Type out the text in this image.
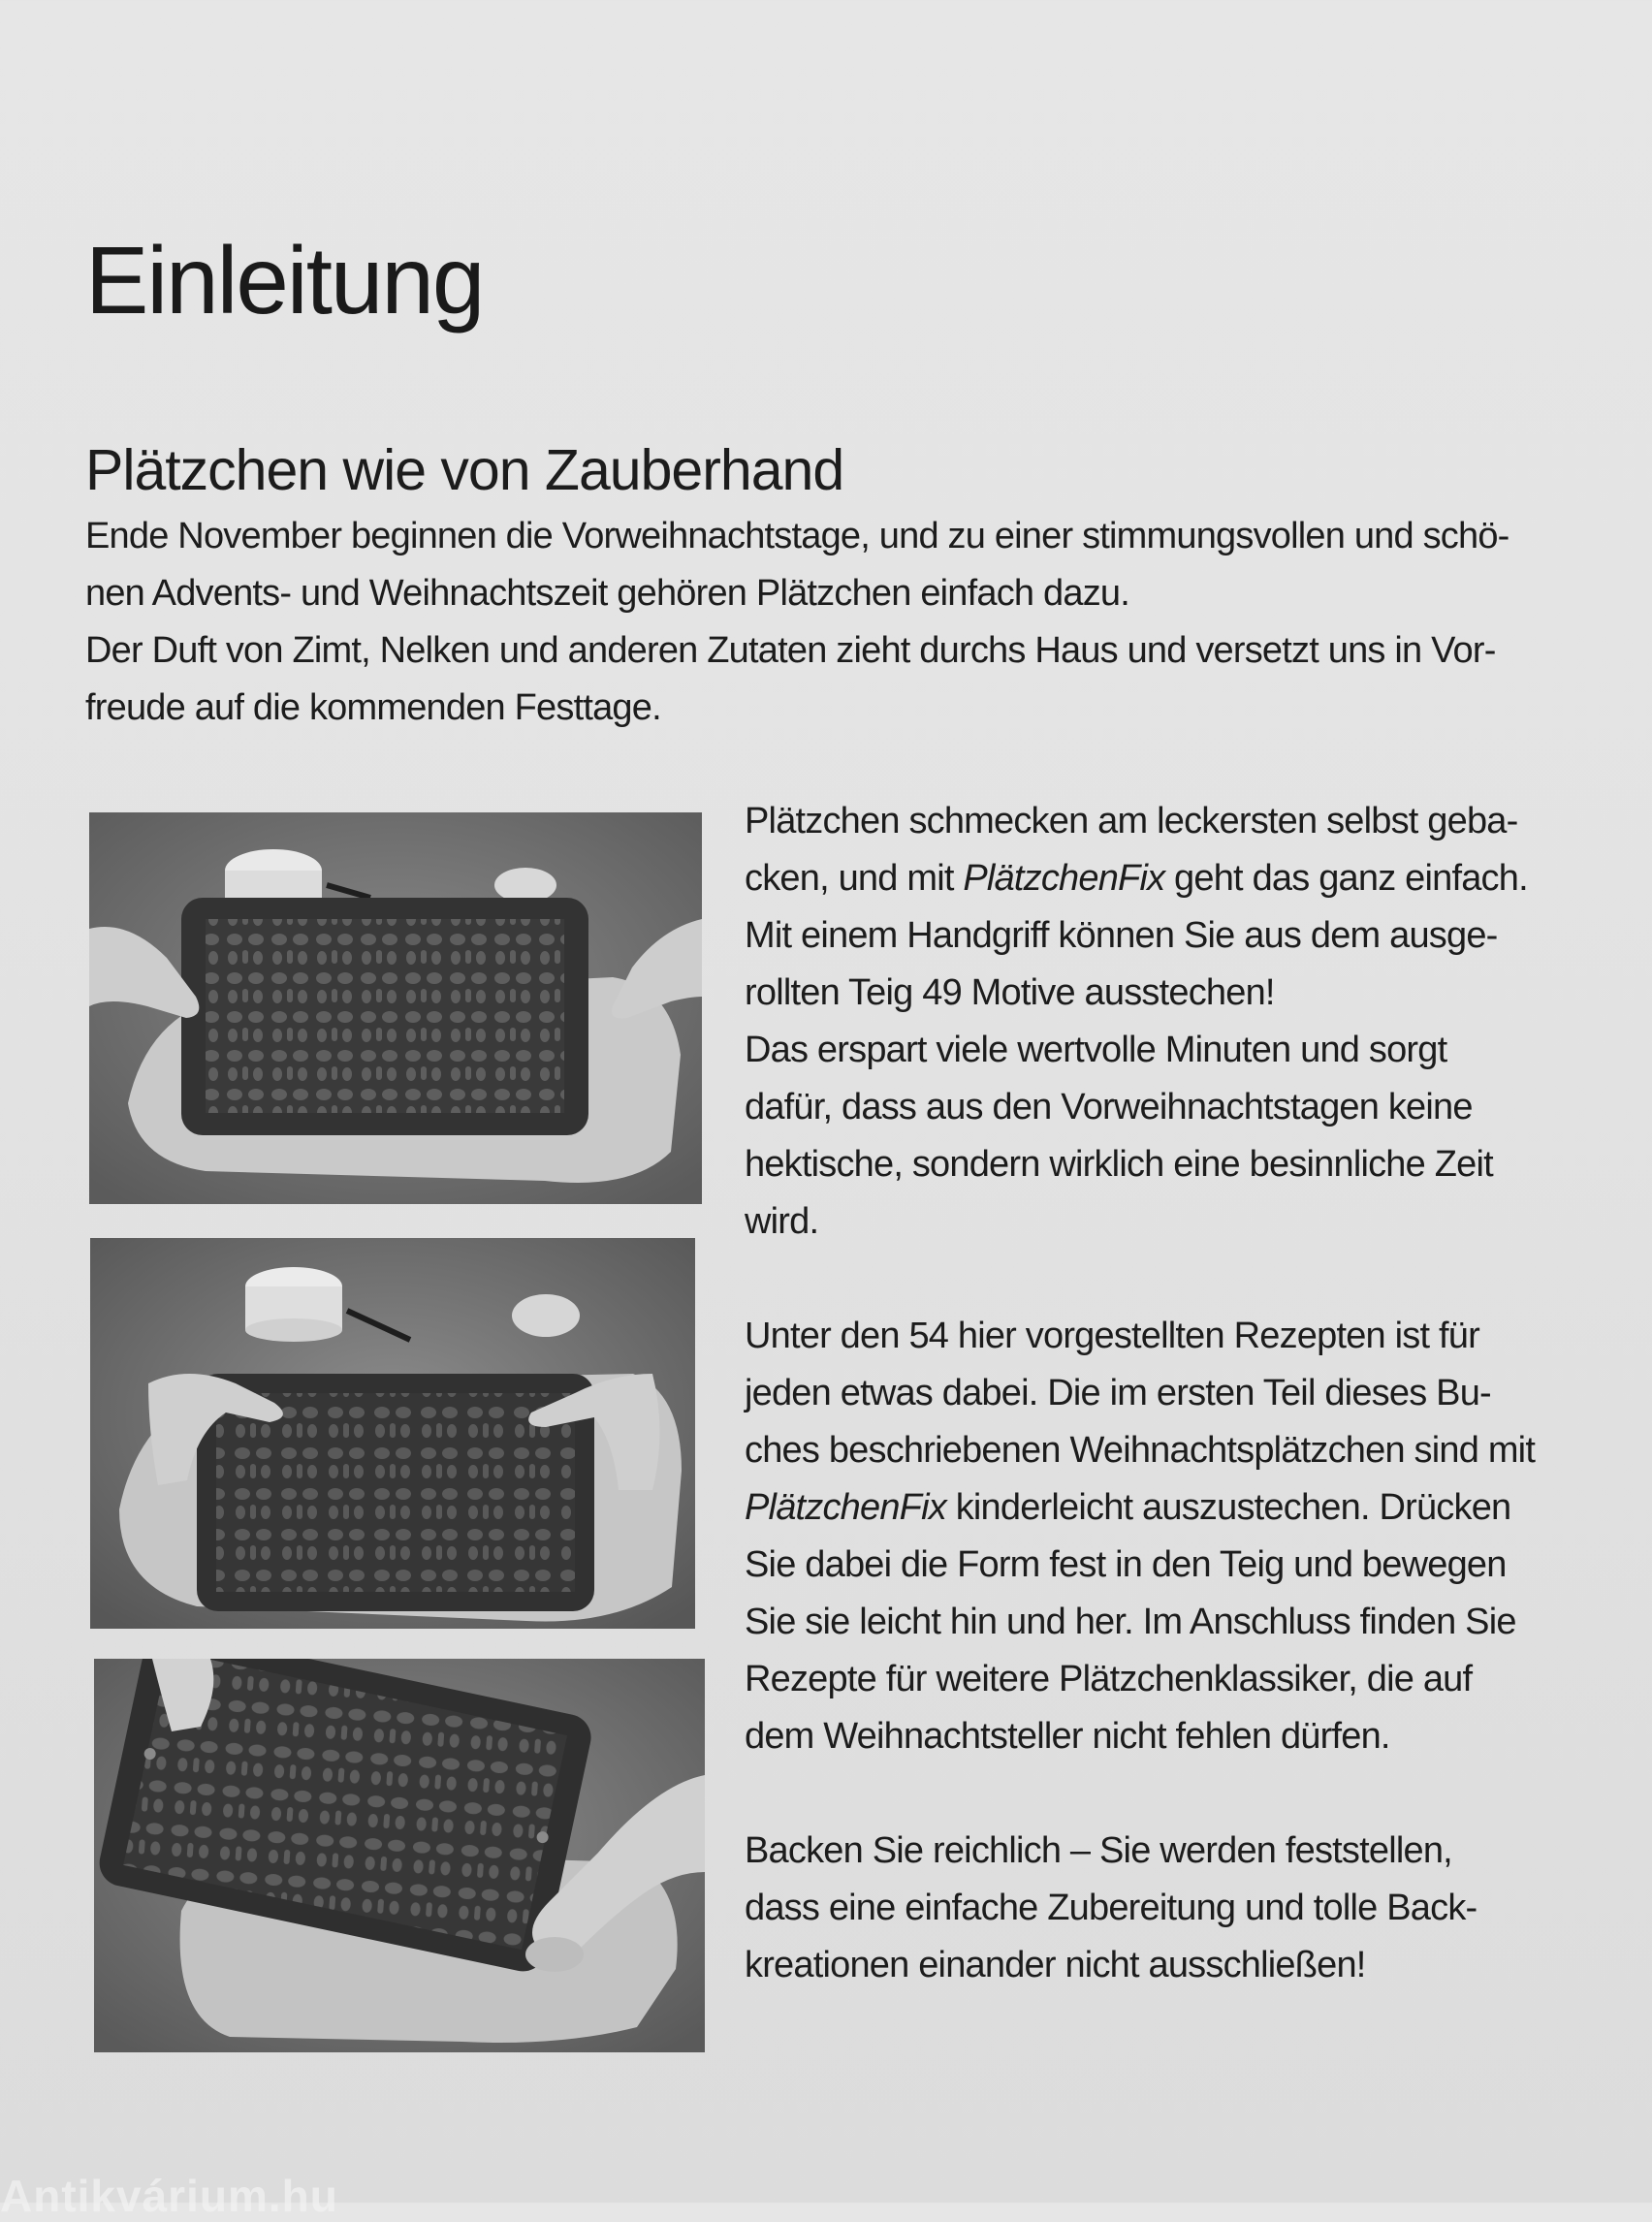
Einleitung
Plätzchen wie von Zauberhand

Ende November beginnen die Vorweihnachtstage, und zu einer stimmungsvollen und schö-
nen Advents- und Weihnachtszeit gehören Plätzchen einfach dazu.
Der Duft von Zimt, Nelken und anderen Zutaten zieht durchs Haus und versetzt uns in Vor-
freude auf die kommenden Festtage.

Plätzchen schmecken am leckersten selbst geba-
cken, und mit PlätzchenFix geht das ganz einfach.
Mit einem Handgriff können Sie aus dem ausge-
rollten Teig 49 Motive ausstechen!
Das erspart viele wertvolle Minuten und sorgt
dafür, dass aus den Vorweihnachtstagen keine
hektische, sondern wirklich eine besinnliche Zeit
wird.

Unter den 54 hier vorgestellten Rezepten ist für
jeden etwas dabei. Die im ersten Teil dieses Bu-
ches beschriebenen Weihnachtsplätzchen sind mit
PlätzchenFix kinderleicht auszustechen. Drücken
Sie dabei die Form fest in den Teig und bewegen
Sie sie leicht hin und her. Im Anschluss finden Sie
Rezepte für weitere Plätzchenklassiker, die auf
dem Weihnachtsteller nicht fehlen dürfen.

Backen Sie reichlich – Sie werden feststellen,
dass eine einfache Zubereitung und tolle Back-
kreationen einander nicht ausschließen!

Antikvárium.hu
